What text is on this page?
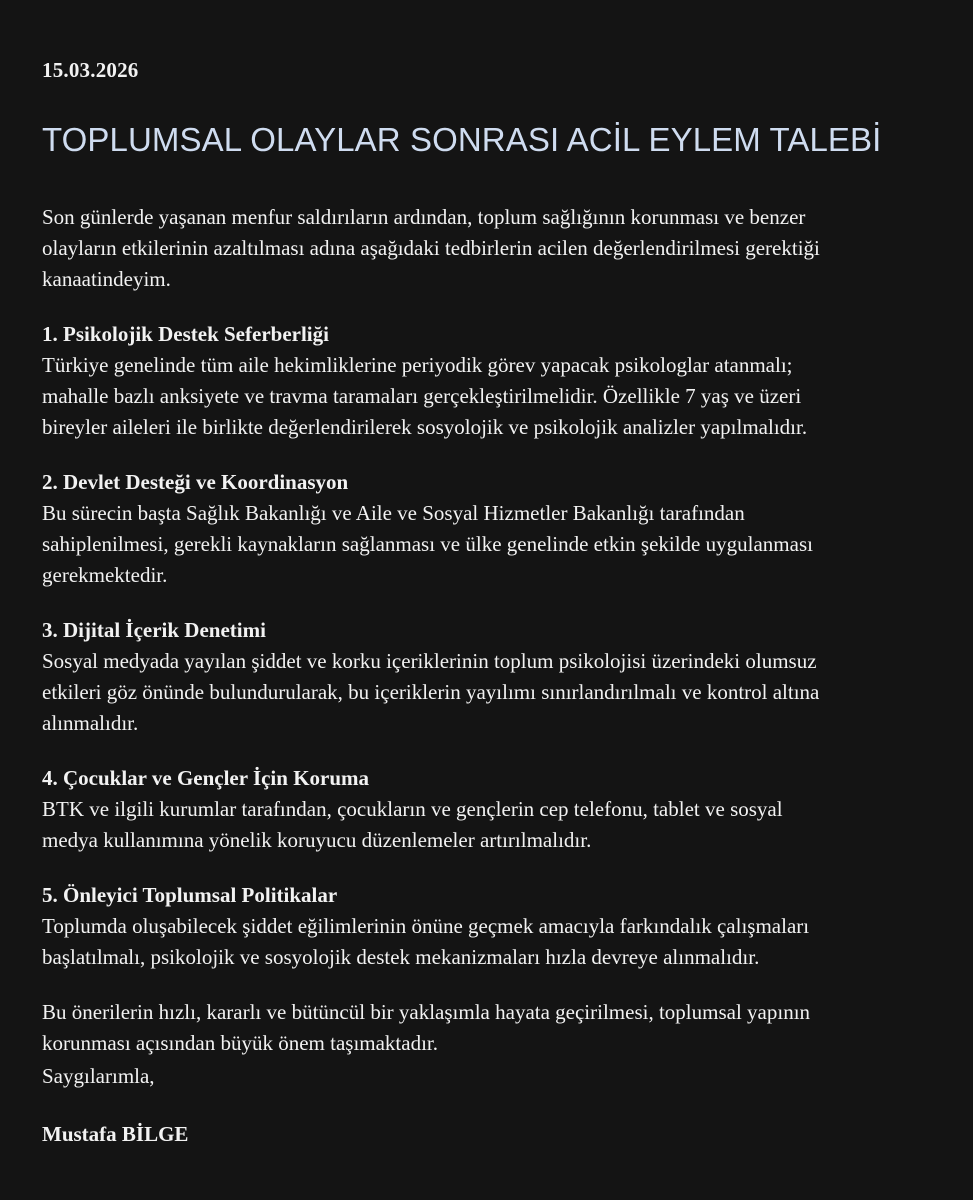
15.03.2026
TOPLUMSAL OLAYLAR SONRASI ACİL EYLEM TALEBİ
Son günlerde yaşanan menfur saldırıların ardından, toplum sağlığının korunması ve benzer
olayların etkilerinin azaltılması adına aşağıdaki tedbirlerin acilen değerlendirilmesi gerektiği
kanaatindeyim.
1. Psikolojik Destek Seferberliği
Türkiye genelinde tüm aile hekimliklerine periyodik görev yapacak psikologlar atanmalı;
mahalle bazlı anksiyete ve travma taramaları gerçekleştirilmelidir. Özellikle 7 yaş ve üzeri
bireyler aileleri ile birlikte değerlendirilerek sosyolojik ve psikolojik analizler yapılmalıdır.
2. Devlet Desteği ve Koordinasyon
Bu sürecin başta Sağlık Bakanlığı ve Aile ve Sosyal Hizmetler Bakanlığı tarafından
sahiplenilmesi, gerekli kaynakların sağlanması ve ülke genelinde etkin şekilde uygulanması
gerekmektedir.
3. Dijital İçerik Denetimi
Sosyal medyada yayılan şiddet ve korku içeriklerinin toplum psikolojisi üzerindeki olumsuz
etkileri göz önünde bulundurularak, bu içeriklerin yayılımı sınırlandırılmalı ve kontrol altına
alınmalıdır.
4. Çocuklar ve Gençler İçin Koruma
BTK ve ilgili kurumlar tarafından, çocukların ve gençlerin cep telefonu, tablet ve sosyal
medya kullanımına yönelik koruyucu düzenlemeler artırılmalıdır.
5. Önleyici Toplumsal Politikalar
Toplumda oluşabilecek şiddet eğilimlerinin önüne geçmek amacıyla farkındalık çalışmaları
başlatılmalı, psikolojik ve sosyolojik destek mekanizmaları hızla devreye alınmalıdır.
Bu önerilerin hızlı, kararlı ve bütüncül bir yaklaşımla hayata geçirilmesi, toplumsal yapının
korunması açısından büyük önem taşımaktadır.
Saygılarımla,
Mustafa BİLGE
